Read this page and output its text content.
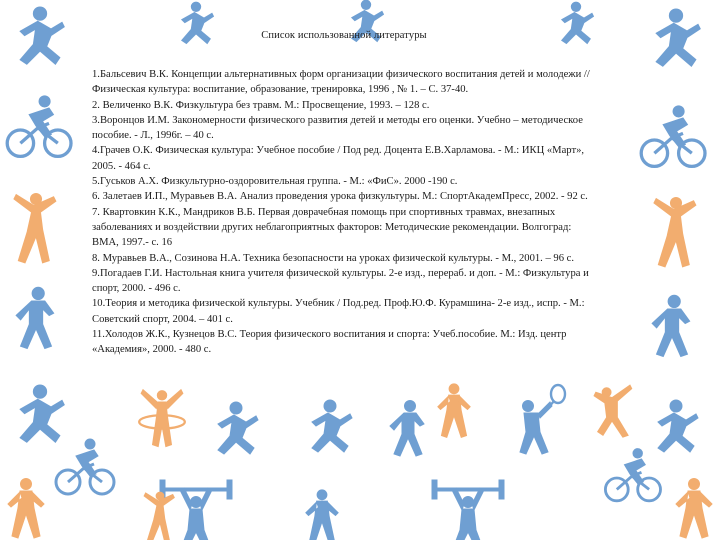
Список использованной литературы
1.Бальсевич В.К. Концепции альтернативных форм организации физического воспитания детей и молодежи //Физическая культура: воспитание, образование, тренировка, 1996 , № 1. – С. 37-40.
2. Величенко В.К. Физкультура без травм. М.: Просвещение, 1993. – 128 с.
3.Воронцов И.М. Закономерности физического развития детей и методы его оценки. Учебно – методическое пособие. - Л., 1996г. – 40 с.
4.Грачев О.К. Физическая культура: Учебное пособие / Под ред. Доцента Е.В.Харламова. - М.: ИКЦ «Март», 2005. - 464 с.
5.Гуськов А.Х. Физкультурно-оздоровительная группа. - М.: «ФиС». 2000 -190 с.
6. Залетаев И.П., Муравьев В.А. Анализ проведения урока физкультуры. М.: СпортАкадемПресс, 2002. - 92 с.
7. Квартовкин К.К., Мандриков В.Б. Первая доврачебная помощь при спортивных травмах, внезапных заболеваниях и воздействии других неблагоприятных факторов: Методические рекомендации. Волгоград: ВМА, 1997.- с. 16
8. Муравьев В.А., Созинова Н.А. Техника безопасности на уроках физической культуры. - М., 2001. – 96 с.
9.Погадаев Г.И. Настольная книга учителя физической культуры. 2-е изд., перераб. и доп. - М.: Физкультура и спорт, 2000. - 496 с.
10.Теория и методика физической культуры. Учебник / Под.ред. Проф.Ю.Ф. Курамшина- 2-е изд., испр. - М.: Советский спорт, 2004. – 401 с.
11.Холодов Ж.К., Кузнецов В.С. Теория физического воспитания и спорта: Учеб.пособие. М.: Изд. центр «Академия», 2000. - 480 с.
